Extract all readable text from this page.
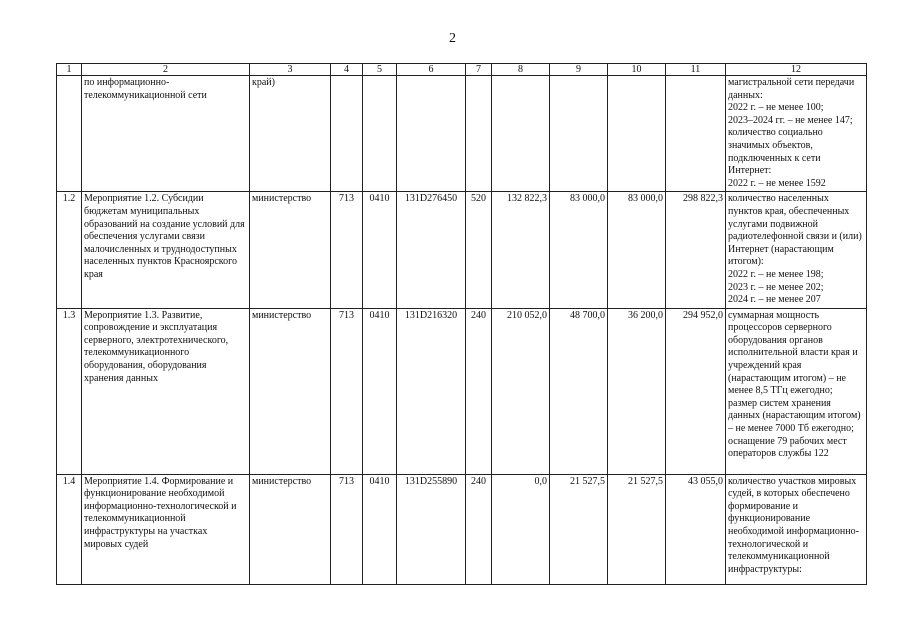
2
1	2	3	4	5	6	7	8	9	10	11	12
	по информационно-
телекоммуникационной сети	край)									магистральной сети передачи данных:
2022 г. – не менее 100;
2023–2024 гг. – не менее 147;
количество социально значимых объектов, подключенных к сети Интернет:
2022 г. – не менее 1592
1.2	Мероприятие 1.2. Субсидии бюджетам муниципальных образований на создание условий для обеспечения услугами связи малочисленных и труднодоступных населенных пунктов Красноярского края	министерство	713	0410	131D276450	520	132 822,3	83 000,0	83 000,0	298 822,3	количество населенных пунктов края, обеспеченных услугами подвижной радиотелефонной связи и (или) Интернет (нарастающим итогом):
2022 г. – не менее 198;
2023 г. – не менее 202;
2024 г. – не менее 207
1.3	Мероприятие 1.3. Развитие, сопровождение и эксплуатация серверного, электротехнического, телекоммуникационного оборудования, оборудования хранения данных	министерство	713	0410	131D216320	240	210 052,0	48 700,0	36 200,0	294 952,0	суммарная мощность процессоров серверного оборудования органов исполнительной власти края и учреждений края (нарастающим итогом) – не менее 8,5 ТГц ежегодно;
размер систем хранения данных (нарастающим итогом) – не менее 7000 Тб ежегодно;
оснащение 79 рабочих мест операторов службы 122
1.4	Мероприятие 1.4. Формирование и функционирование необходимой информационно-технологической и телекоммуникационной инфраструктуры на участках мировых судей	министерство	713	0410	131D255890	240	0,0	21 527,5	21 527,5	43 055,0	количество участков мировых судей, в которых обеспечено формирование и функционирование необходимой информационно-технологической и телекоммуникационной инфраструктуры:
